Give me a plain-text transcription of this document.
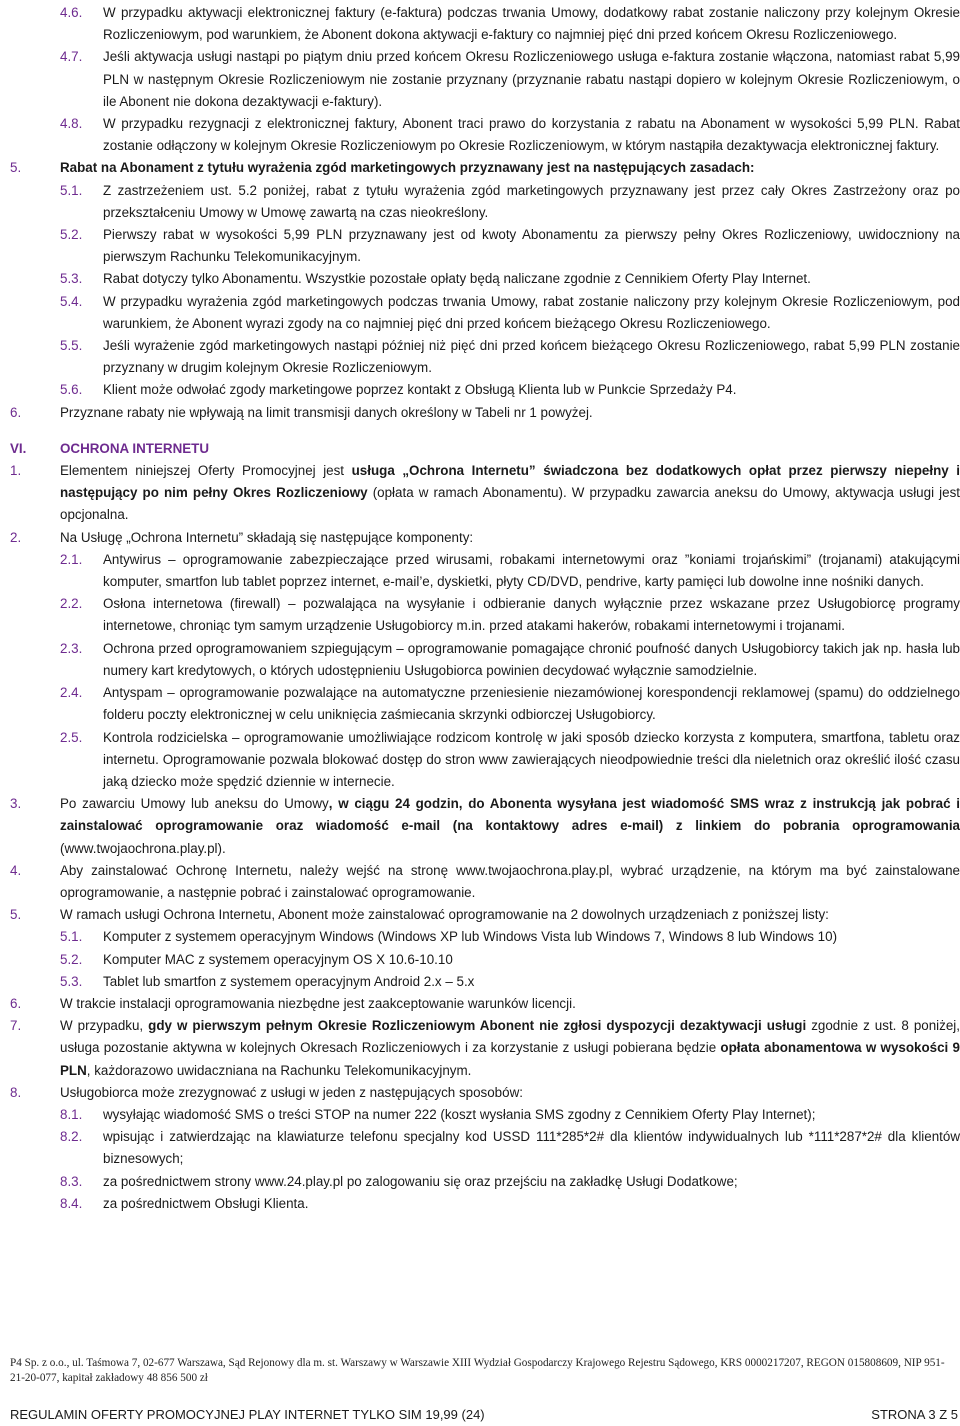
4.6.	W przypadku aktywacji elektronicznej faktury (e-faktura) podczas trwania Umowy, dodatkowy rabat zostanie naliczony przy kolejnym Okresie Rozliczeniowym, pod warunkiem, że Abonent dokona aktywacji e-faktury co najmniej pięć dni przed końcem Okresu Rozliczeniowego.
4.7.	Jeśli aktywacja usługi nastąpi po piątym dniu przed końcem Okresu Rozliczeniowego usługa e-faktura zostanie włączona, natomiast rabat 5,99 PLN w następnym Okresie Rozliczeniowym nie zostanie przyznany (przyznanie rabatu nastąpi dopiero w kolejnym Okresie Rozliczeniowym, o ile Abonent nie dokona dezaktywacji e-faktury).
4.8.	W przypadku rezygnacji z elektronicznej faktury, Abonent traci prawo do korzystania z rabatu na Abonament w wysokości 5,99 PLN. Rabat zostanie odłączony w kolejnym Okresie Rozliczeniowym po Okresie Rozliczeniowym, w którym nastąpiła dezaktywacja elektronicznej faktury.
5.	Rabat na Abonament z tytułu wyrażenia zgód marketingowych przyznawany jest na następujących zasadach:
5.1.	Z zastrzeżeniem ust. 5.2 poniżej, rabat z tytułu wyrażenia zgód marketingowych przyznawany jest przez cały Okres Zastrzeżony oraz po przekształceniu Umowy w Umowę zawartą na czas nieokreślony.
5.2.	Pierwszy rabat w wysokości 5,99 PLN przyznawany jest od kwoty Abonamentu za pierwszy pełny Okres Rozliczeniowy, uwidoczniony na pierwszym Rachunku Telekomunikacyjnym.
5.3.	Rabat dotyczy tylko Abonamentu. Wszystkie pozostałe opłaty będą naliczane zgodnie z Cennikiem Oferty Play Internet.
5.4.	W przypadku wyrażenia zgód marketingowych podczas trwania Umowy, rabat zostanie naliczony przy kolejnym Okresie Rozliczeniowym, pod warunkiem, że Abonent wyrazi zgody na co najmniej pięć dni przed końcem bieżącego Okresu Rozliczeniowego.
5.5.	Jeśli wyrażenie zgód marketingowych nastąpi później niż pięć dni przed końcem bieżącego Okresu Rozliczeniowego, rabat 5,99 PLN zostanie przyznany w drugim kolejnym Okresie Rozliczeniowym.
5.6.	Klient może odwołać zgody marketingowe poprzez kontakt z Obsługą Klienta lub w Punkcie Sprzedaży P4.
6.	Przyznane rabaty nie wpływają na limit transmisji danych określony w Tabeli nr 1 powyżej.
VI.	OCHRONA INTERNETU
1.	Elementem niniejszej Oferty Promocyjnej jest usługa „Ochrona Internetu” świadczona bez dodatkowych opłat przez pierwszy niepełny i następujący po nim pełny Okres Rozliczeniowy (opłata w ramach Abonamentu). W przypadku zawarcia aneksu do Umowy, aktywacja usługi jest opcjonalna.
2.	Na Usługę „Ochrona Internetu” składają się następujące komponenty:
2.1.	Antywirus – oprogramowanie zabezpieczające przed wirusami, robakami internetowymi oraz ”koniami trojańskimi” (trojanami) atakującymi komputer, smartfon lub tablet poprzez internet, e-mail’e, dyskietki, płyty CD/DVD, pendrive, karty pamięci lub dowolne inne nośniki danych.
2.2.	Osłona internetowa (firewall) – pozwalająca na wysyłanie i odbieranie danych wyłącznie przez wskazane przez Usługobiorcę programy internetowe, chroniąc tym samym urządzenie Usługobiorcy m.in. przed atakami hakerów, robakami internetowymi i trojanami.
2.3.	Ochrona przed oprogramowaniem szpiegującym – oprogramowanie pomagające chronić poufność danych Usługobiorcy takich jak np. hasła lub numery kart kredytowych, o których udostępnieniu Usługobiorca powinien decydować wyłącznie samodzielnie.
2.4.	Antyspam – oprogramowanie pozwalające na automatyczne przeniesienie niezamówionej korespondencji reklamowej (spamu) do oddzielnego folderu poczty elektronicznej w celu uniknięcia zaśmiecania skrzynki odbiorczej Usługobiorcy.
2.5.	Kontrola rodzicielska – oprogramowanie umożliwiające rodzicom kontrolę w jaki sposób dziecko korzysta z komputera, smartfona, tabletu oraz internetu. Oprogramowanie pozwala blokować dostęp do stron www zawierających nieodpowiednie treści dla nieletnich oraz określić ilość czasu jaką dziecko może spędzić dziennie w internecie.
3.	Po zawarciu Umowy lub aneksu do Umowy, w ciągu 24 godzin, do Abonenta wysyłana jest wiadomość SMS wraz z instrukcją jak pobrać i zainstalować oprogramowanie oraz wiadomość e-mail (na kontaktowy adres e-mail) z linkiem do pobrania oprogramowania (www.twojaochrona.play.pl).
4.	Aby zainstalować Ochronę Internetu, należy wejść na stronę www.twojaochrona.play.pl, wybrać urządzenie, na którym ma być zainstalowane oprogramowanie, a następnie pobrać i zainstalować oprogramowanie.
5.	W ramach usługi Ochrona Internetu, Abonent może zainstalować oprogramowanie na 2 dowolnych urządzeniach z poniższej listy:
5.1.	Komputer z systemem operacyjnym Windows (Windows XP lub Windows Vista lub Windows 7, Windows 8 lub Windows 10)
5.2.	Komputer MAC z systemem operacyjnym OS X 10.6-10.10
5.3.	Tablet lub smartfon z systemem operacyjnym Android 2.x – 5.x
6.	W trakcie instalacji oprogramowania niezbędne jest zaakceptowanie warunków licencji.
7.	W przypadku, gdy w pierwszym pełnym Okresie Rozliczeniowym Abonent nie zgłosi dyspozycji dezaktywacji usługi zgodnie z ust. 8 poniżej, usługa pozostanie aktywna w kolejnych Okresach Rozliczeniowych i za korzystanie z usługi pobierana będzie opłata abonamentowa w wysokości 9 PLN, każdorazowo uwidaczniana na Rachunku Telekomunikacyjnym.
8.	Usługobiorca może zrezygnować z usługi w jeden z następujących sposobów:
8.1.	wysyłając wiadomość SMS o treści STOP na numer 222 (koszt wysłania SMS zgodny z Cennikiem Oferty Play Internet);
8.2.	wpisując i zatwierdzając na klawiaturze telefonu specjalny kod USSD 111*285*2# dla klientów indywidualnych lub *111*287*2# dla klientów biznesowych;
8.3.	za pośrednictwem strony www.24.play.pl po zalogowaniu się oraz przejściu na zakładkę Usługi Dodatkowe;
8.4.	za pośrednictwem Obsługi Klienta.
P4 Sp. z o.o., ul. Taśmowa 7, 02-677 Warszawa, Sąd Rejonowy dla m. st. Warszawy w Warszawie XIII Wydział Gospodarczy Krajowego Rejestru Sądowego, KRS 0000217207, REGON 015808609, NIP 951-21-20-077, kapitał zakładowy 48 856 500 zł
REGULAMIN OFERTY PROMOCYJNEJ PLAY INTERNET TYLKO SIM 19,99 (24)	STRONA 3 Z 5
